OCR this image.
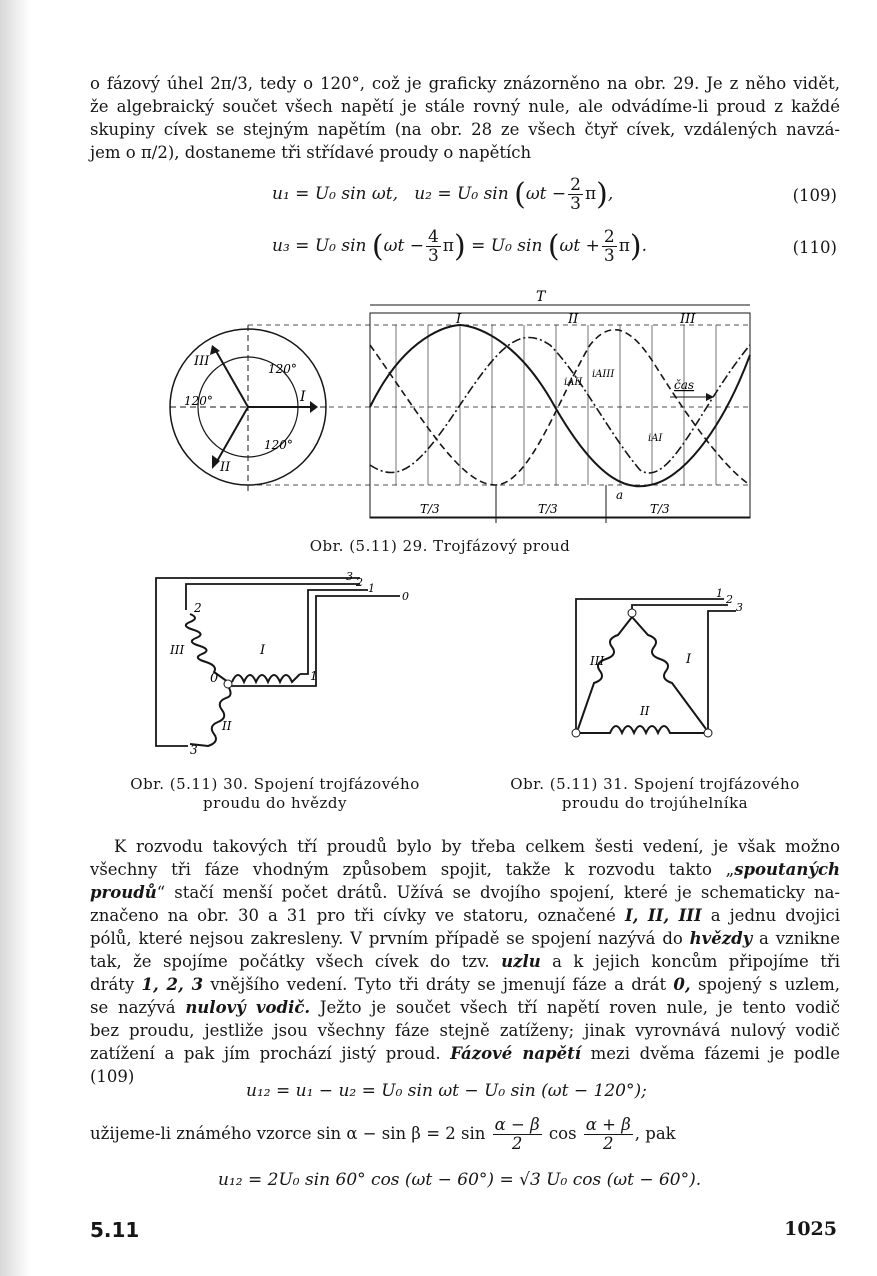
o fázový úhel 2π/3, tedy o 120°, což je graficky znázorněno na obr. 29. Je z něho vidět,
že algebraický součet všech napětí je stále rovný nule, ale odvádíme-li proud z každé
skupiny cívek se stejným napětím (na obr. 28 ze všech čtyř cívek, vzdálených navzá-
jem o π/2), dostaneme tři střídavé proudy o napětích

u₁ = U₀ sin ωt, u₂ = U₀ $\sin (\omega t - \frac{2}{3} \pi)$,	(109)
u₃ = U₀ $\sin (\omega t - \frac{4}{3} \pi) = U_0$ $\sin (\omega t + \frac{2}{3} \pi)$.	(110)
I
II
III	120°
120°
120°
T
I	II	III
iAII
iAIII
iAI
čas
a
T/3	T/3	T/3
Obr. (5.11) 29. Trojfázový proud
3 2 1
0
0
I
II
III
2
1
3
Obr. (5.11) 30. Spojení trojfázového
proudu do hvězdy
1 2
3
III	I
II
Obr. (5.11) 31. Spojení trojfázového
proudu do trojúhelníka
K rozvodu takových tří proudů bylo by třeba celkem šesti vedení, je však možno
všechny tři fáze vhodným způsobem spojit, takže k rozvodu takto „spoutaných
proudů“ stačí menší počet drátů. Užívá se dvojího spojení, které je schematicky na-
značeno na obr. 30 a 31 pro tři cívky ve statoru, označené I, II, III a jednu dvojici
pólů, které nejsou zakresleny. V prvním případě se spojení nazývá do hvězdy a vznikne
tak, že spojíme počátky všech cívek do tzv. uzlu a k jejich koncům připojíme tři
dráty 1, 2, 3 vnějšího vedení. Tyto tři dráty se jmenují fáze a drát 0, spojený s uzlem,
se nazývá nulový vodič. Ježto je součet všech tří napětí roven nule, je tento vodič
bez proudu, jestliže jsou všechny fáze stejně zatíženy; jinak vyrovnává nulový vodič
zatížení a pak jím prochází jistý proud. Fázové napětí mezi dvěma fázemi je podle
(109)
u₁₂ = u₁ − u₂ = U₀ sin ωt − U₀ sin (ωt − 120°);
užijeme-li známého vzorce sin α − sin β = 2 $\sin \frac{\alpha - \beta}{2}$ $\cos \frac{\alpha + \beta}{2}$ , pak
u₁₂ = 2U₀ sin 60° cos (ωt − 60°) = √3 U₀ cos (ωt − 60°).
5.11	1025
